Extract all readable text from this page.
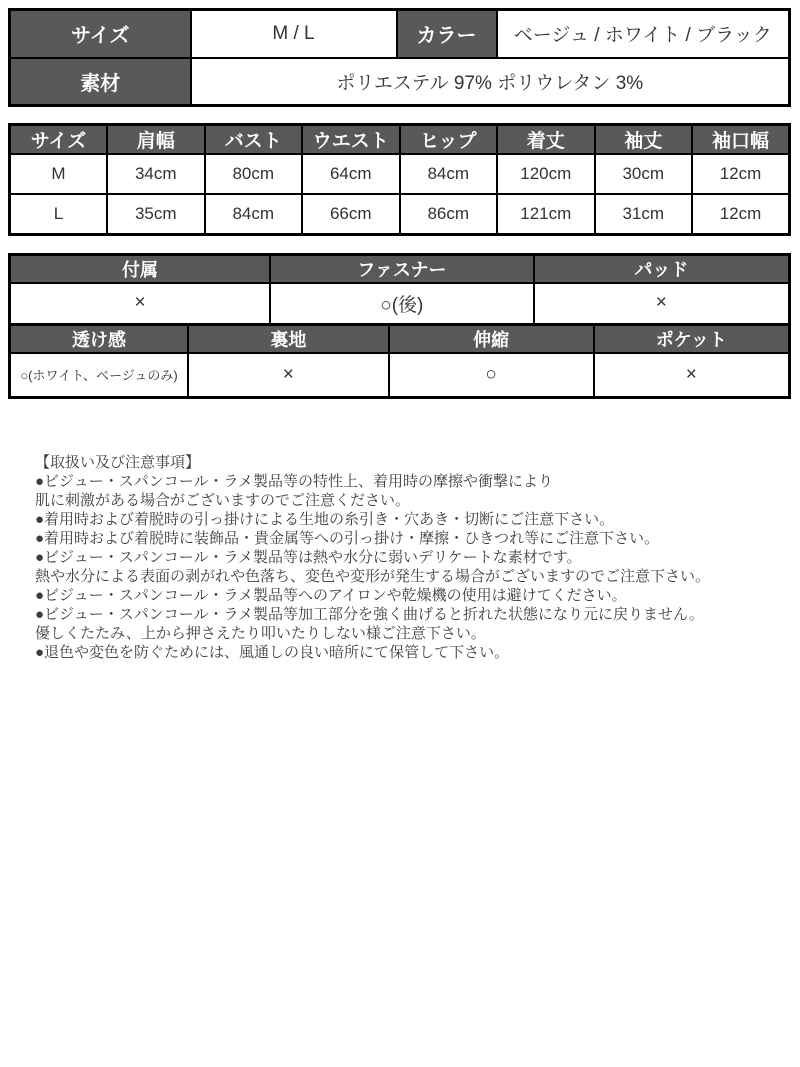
サイズ	M / L	カラー	ベージュ / ホワイト / ブラック
素材	ポリエステル 97% ポリウレタン 3%		
サイズ	肩幅	バスト	ウエスト	ヒップ	着丈	袖丈	袖口幅
M	34cm	80cm	64cm	84cm	120cm	30cm	12cm
L	35cm	84cm	66cm	86cm	121cm	31cm	12cm
付属	ファスナー	パッド
×	○(後)	×
透け感	裏地	伸縮	ポケット
○(ホワイト、ベージュのみ)	×	○	×
【取扱い及び注意事項】
●ビジュー・スパンコール・ラメ製品等の特性上、着用時の摩擦や衝撃により
肌に刺激がある場合がございますのでご注意ください。
●着用時および着脱時の引っ掛けによる生地の糸引き・穴あき・切断にご注意下さい。
●着用時および着脱時に装飾品・貴金属等への引っ掛け・摩擦・ひきつれ等にご注意下さい。
●ビジュー・スパンコール・ラメ製品等は熱や水分に弱いデリケートな素材です。
熱や水分による表面の剥がれや色落ち、変色や変形が発生する場合がございますのでご注意下さい。
●ビジュー・スパンコール・ラメ製品等へのアイロンや乾燥機の使用は避けてください。
●ビジュー・スパンコール・ラメ製品等加工部分を強く曲げると折れた状態になり元に戻りません。
優しくたたみ、上から押さえたり叩いたりしない様ご注意下さい。
●退色や変色を防ぐためには、風通しの良い暗所にて保管して下さい。
